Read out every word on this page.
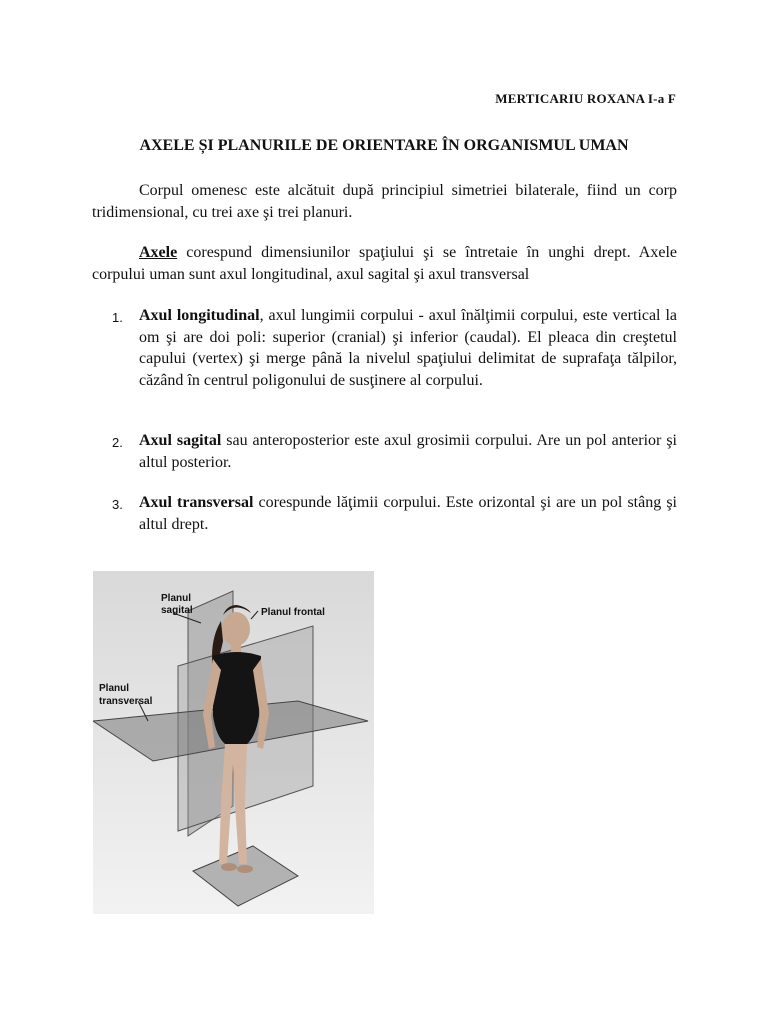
MERTICARIU ROXANA I-a F
AXELE ȘI PLANURILE DE ORIENTARE ÎN ORGANISMUL UMAN

Corpul omenesc este alcătuit după principiul simetriei bilaterale, fiind un corp tridimensional, cu trei axe şi trei planuri.

Axele corespund dimensiunilor spaţiului şi se întretaie în unghi drept. Axele corpului uman sunt axul longitudinal, axul sagital şi axul transversal

1. Axul longitudinal, axul lungimii corpului - axul înălţimii corpului, este vertical la om şi are doi poli: superior (cranial) şi inferior (caudal). El pleaca din creştetul capului (vertex) şi merge până la nivelul spaţiului delimitat de suprafaţa tălpilor, căzând în centrul poligonului de susţinere al corpului.
2. Axul sagital sau anteroposterior este axul grosimii corpului. Are un pol anterior şi altul posterior.
3. Axul transversal corespunde lăţimii corpului. Este orizontal şi are un pol stâng şi altul drept.
Planul
sagital	Planul frontal
Planul
transversal
